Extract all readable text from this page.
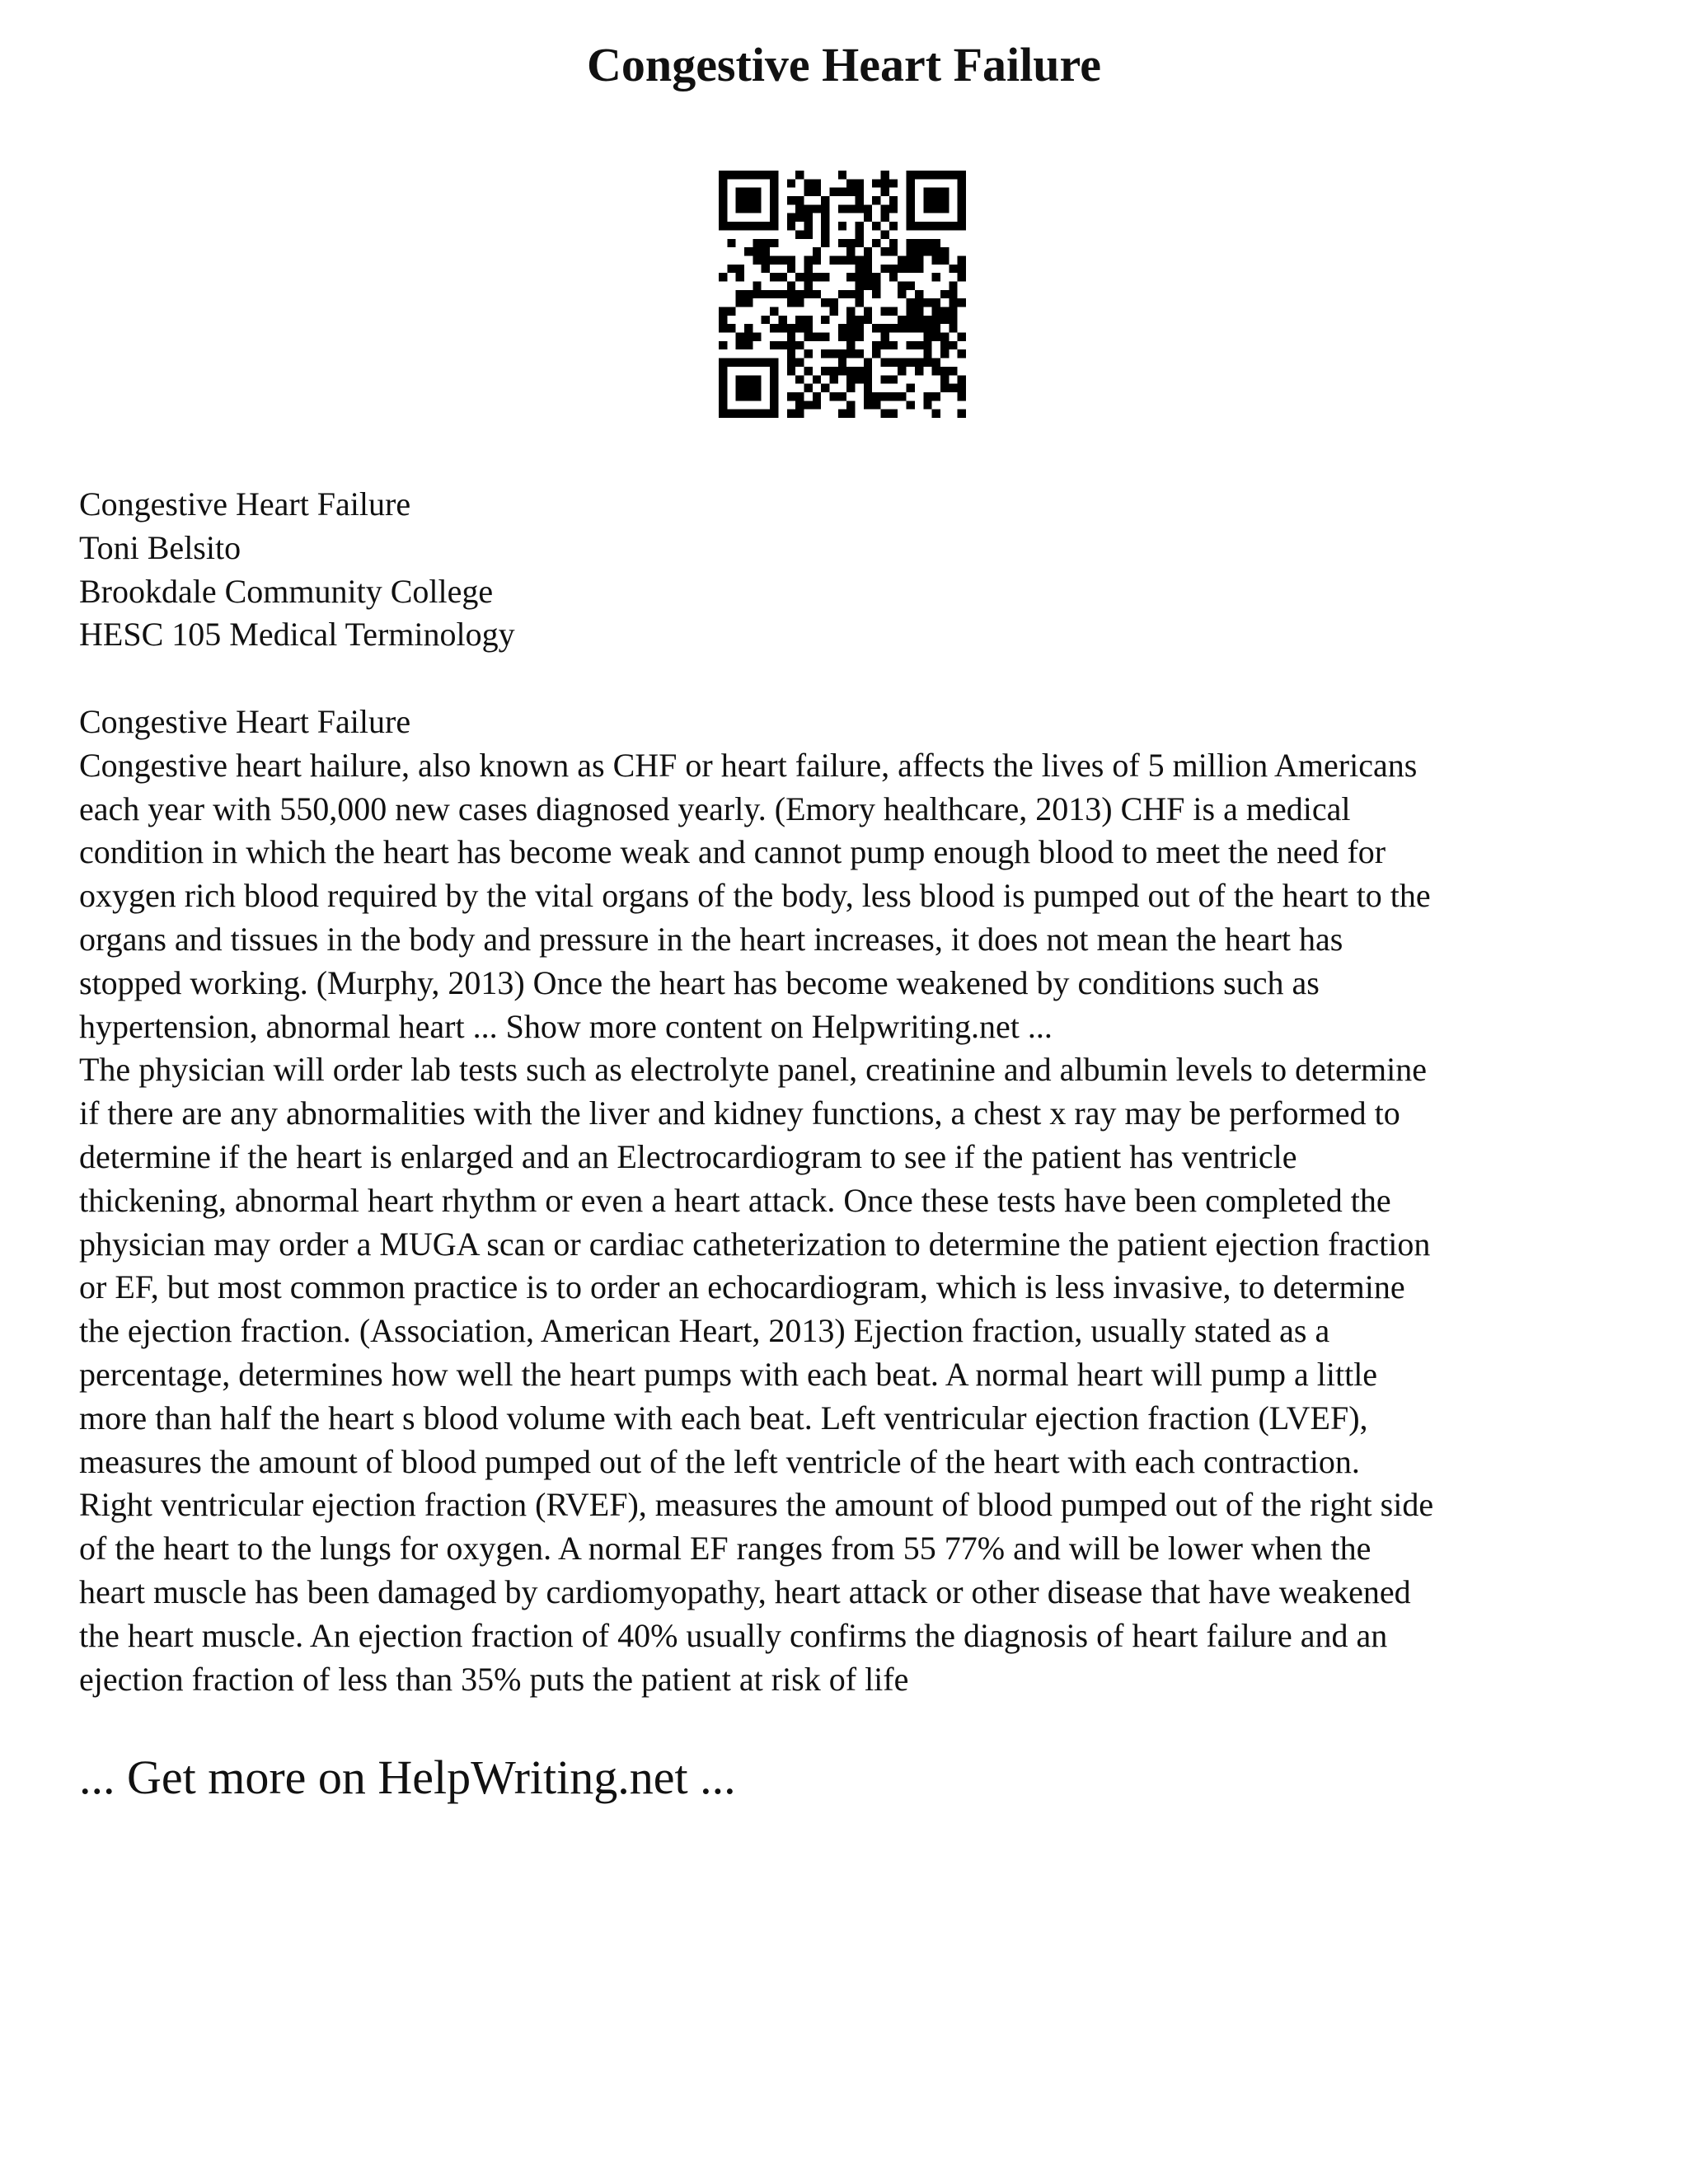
Congestive Heart Failure
Congestive Heart Failure
Toni Belsito
Brookdale Community College
HESC 105 Medical Terminology
Congestive Heart Failure
Congestive heart hailure, also known as CHF or heart failure, affects the lives of 5 million Americans
each year with 550,000 new cases diagnosed yearly. (Emory healthcare, 2013) CHF is a medical
condition in which the heart has become weak and cannot pump enough blood to meet the need for
oxygen rich blood required by the vital organs of the body, less blood is pumped out of the heart to the
organs and tissues in the body and pressure in the heart increases, it does not mean the heart has
stopped working. (Murphy, 2013) Once the heart has become weakened by conditions such as
hypertension, abnormal heart ... Show more content on Helpwriting.net ...
The physician will order lab tests such as electrolyte panel, creatinine and albumin levels to determine
if there are any abnormalities with the liver and kidney functions, a chest x ray may be performed to
determine if the heart is enlarged and an Electrocardiogram to see if the patient has ventricle
thickening, abnormal heart rhythm or even a heart attack. Once these tests have been completed the
physician may order a MUGA scan or cardiac catheterization to determine the patient ejection fraction
or EF, but most common practice is to order an echocardiogram, which is less invasive, to determine
the ejection fraction. (Association, American Heart, 2013) Ejection fraction, usually stated as a
percentage, determines how well the heart pumps with each beat. A normal heart will pump a little
more than half the heart s blood volume with each beat. Left ventricular ejection fraction (LVEF),
measures the amount of blood pumped out of the left ventricle of the heart with each contraction.
Right ventricular ejection fraction (RVEF), measures the amount of blood pumped out of the right side
of the heart to the lungs for oxygen. A normal EF ranges from 55 77% and will be lower when the
heart muscle has been damaged by cardiomyopathy, heart attack or other disease that have weakened
the heart muscle. An ejection fraction of 40% usually confirms the diagnosis of heart failure and an
ejection fraction of less than 35% puts the patient at risk of life

... Get more on HelpWriting.net ...
